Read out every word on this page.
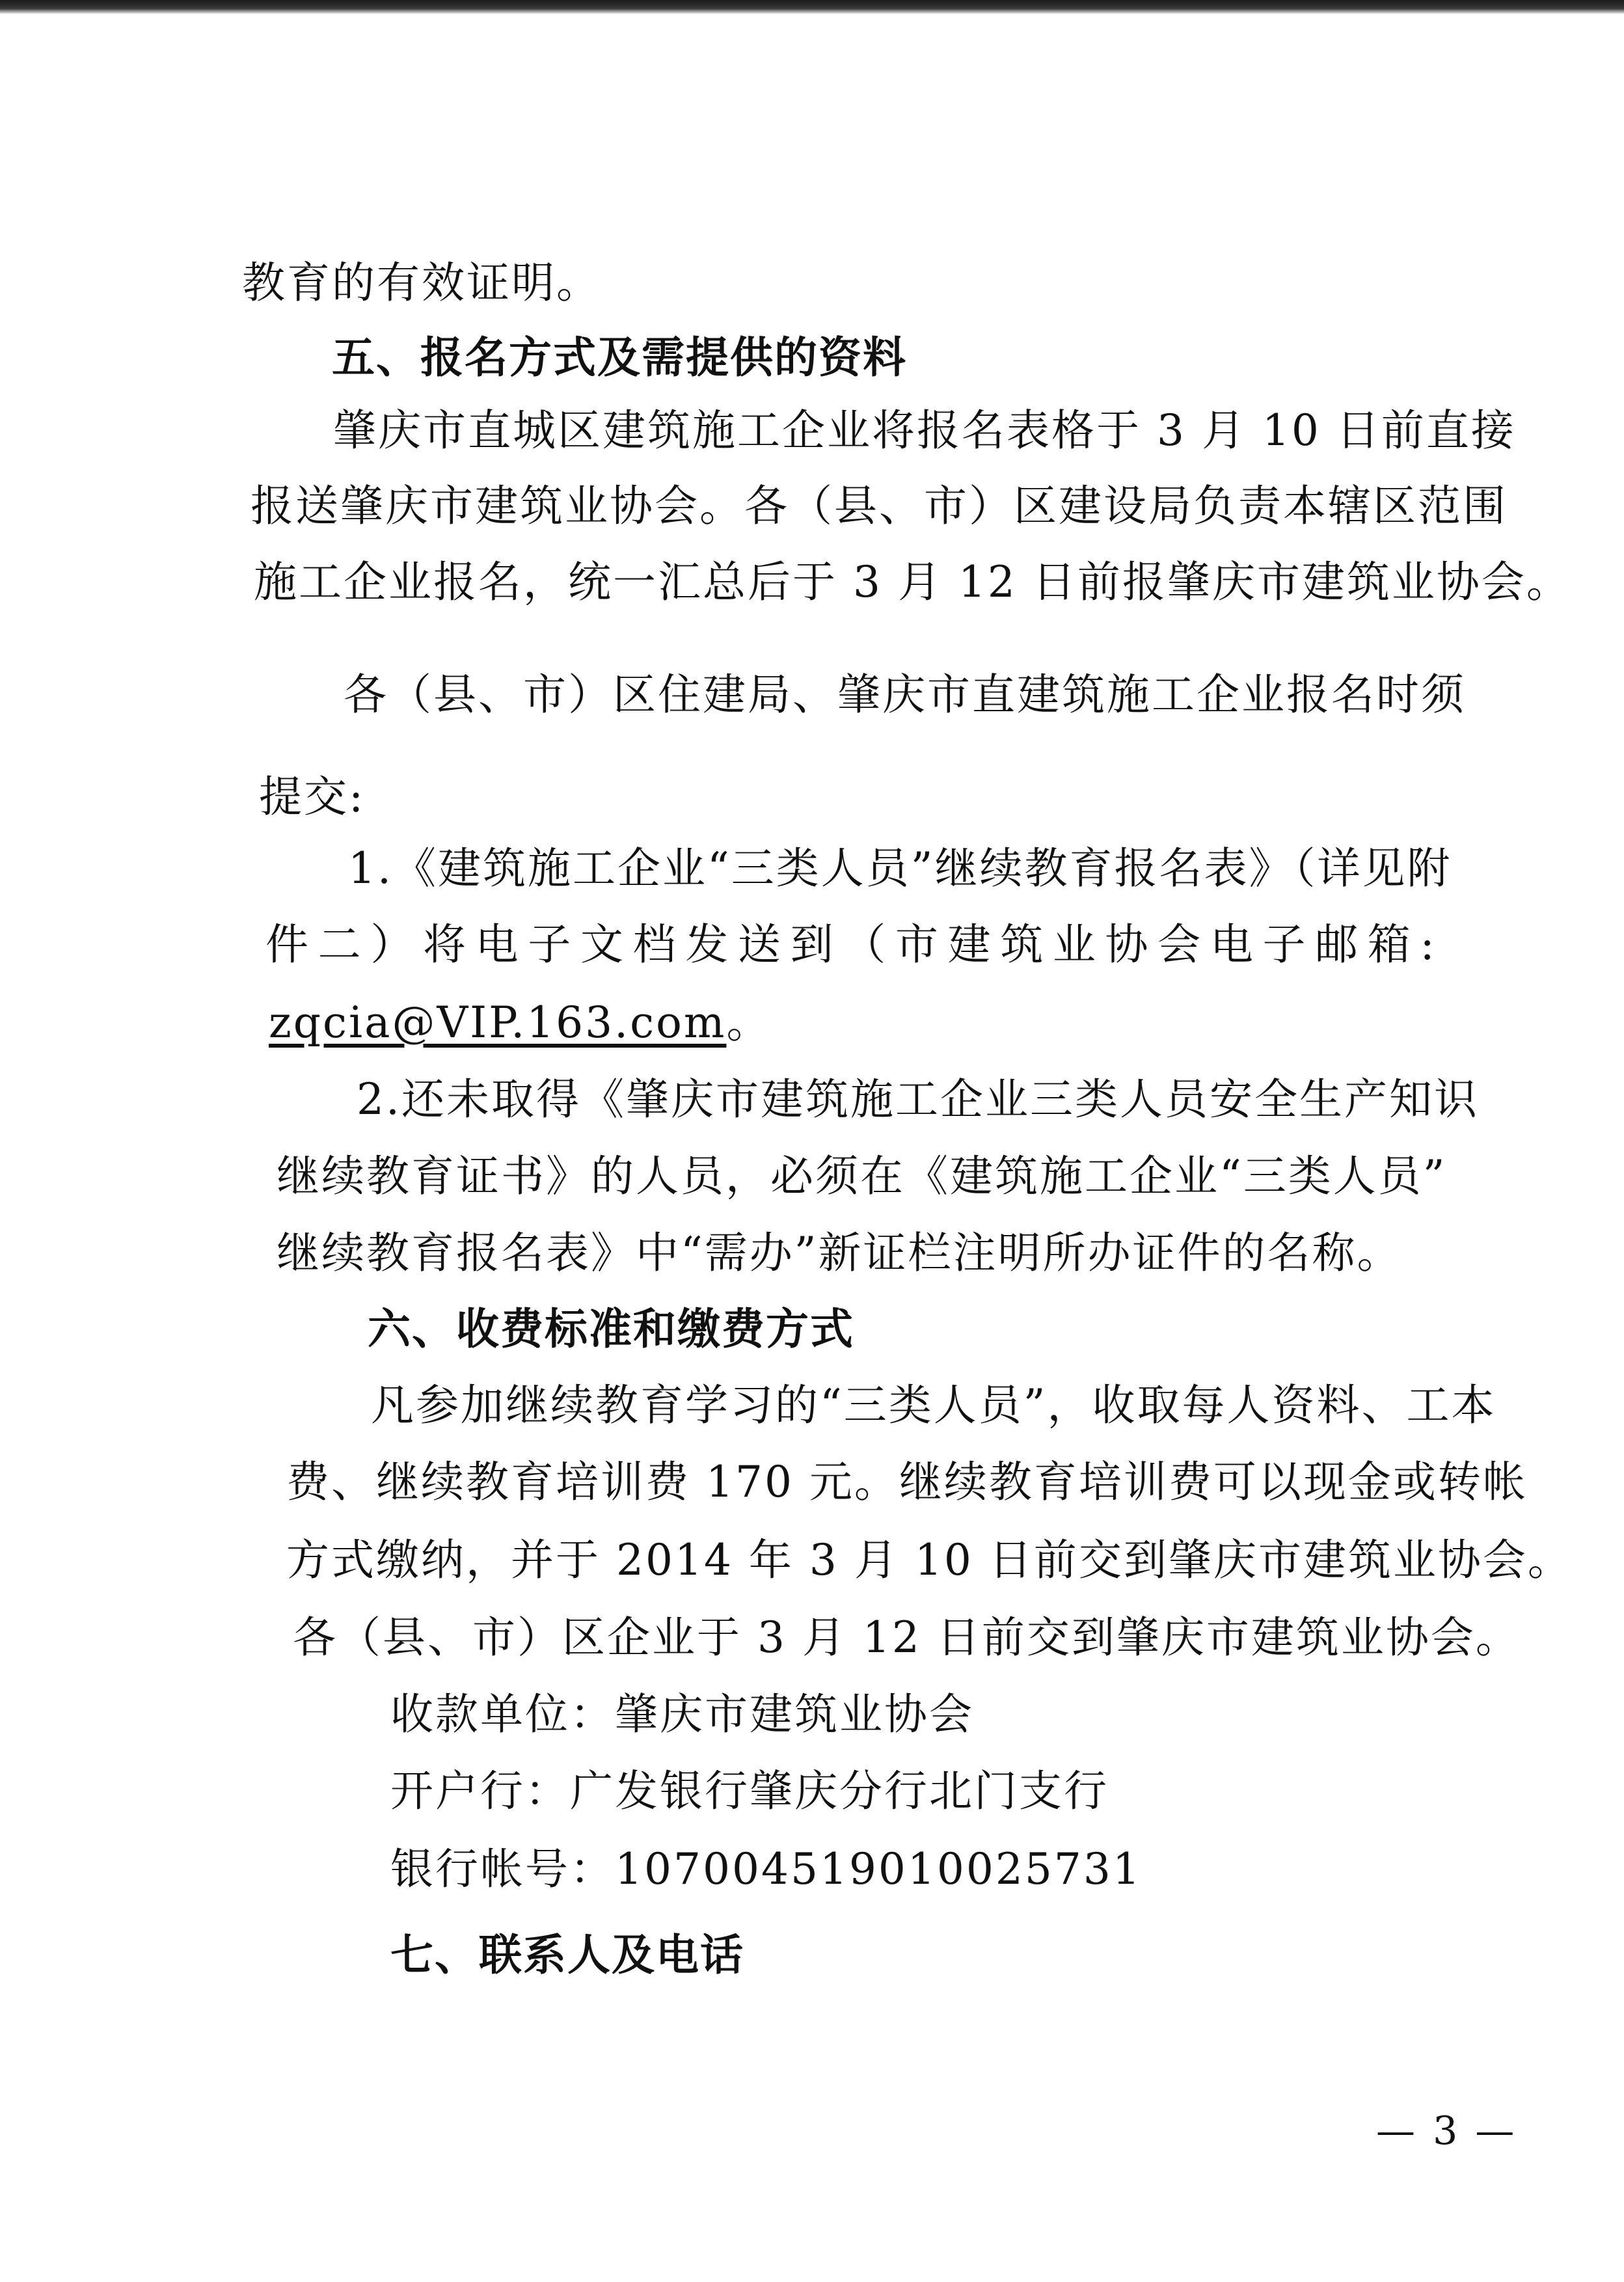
教育的有效证明。
五、报名方式及需提供的资料
肇庆市直城区建筑施工企业将报名表格于 3 月 10 日前直接
报送肇庆市建筑业协会。各（县、市）区建设局负责本辖区范围
施工企业报名，统一汇总后于 3 月 12 日前报肇庆市建筑业协会。
各（县、市）区住建局、肇庆市直建筑施工企业报名时须
提交:
1.《建筑施工企业“三类人员”继续教育报名表》（详见附
件 二 ） 将 电 子 文 档 发 送 到 （ 市 建 筑 业 协 会 电 子 邮 箱 :
zqcia@VIP.163.com。
2.还未取得《肇庆市建筑施工企业三类人员安全生产知识
继续教育证书》的人员，必须在《建筑施工企业“三类人员”
继续教育报名表》中“需办”新证栏注明所办证件的名称。
六、收费标准和缴费方式
凡参加继续教育学习的“三类人员”，收取每人资料、工本
费、继续教育培训费 170 元。继续教育培训费可以现金或转帐
方式缴纳，并于 2014 年 3 月 10 日前交到肇庆市建筑业协会。
各（县、市）区企业于 3 月 12 日前交到肇庆市建筑业协会。
收款单位：肇庆市建筑业协会
开户行：广发银行肇庆分行北门支行
银行帐号：107004519010025731
七、联系人及电话
— 3 —
